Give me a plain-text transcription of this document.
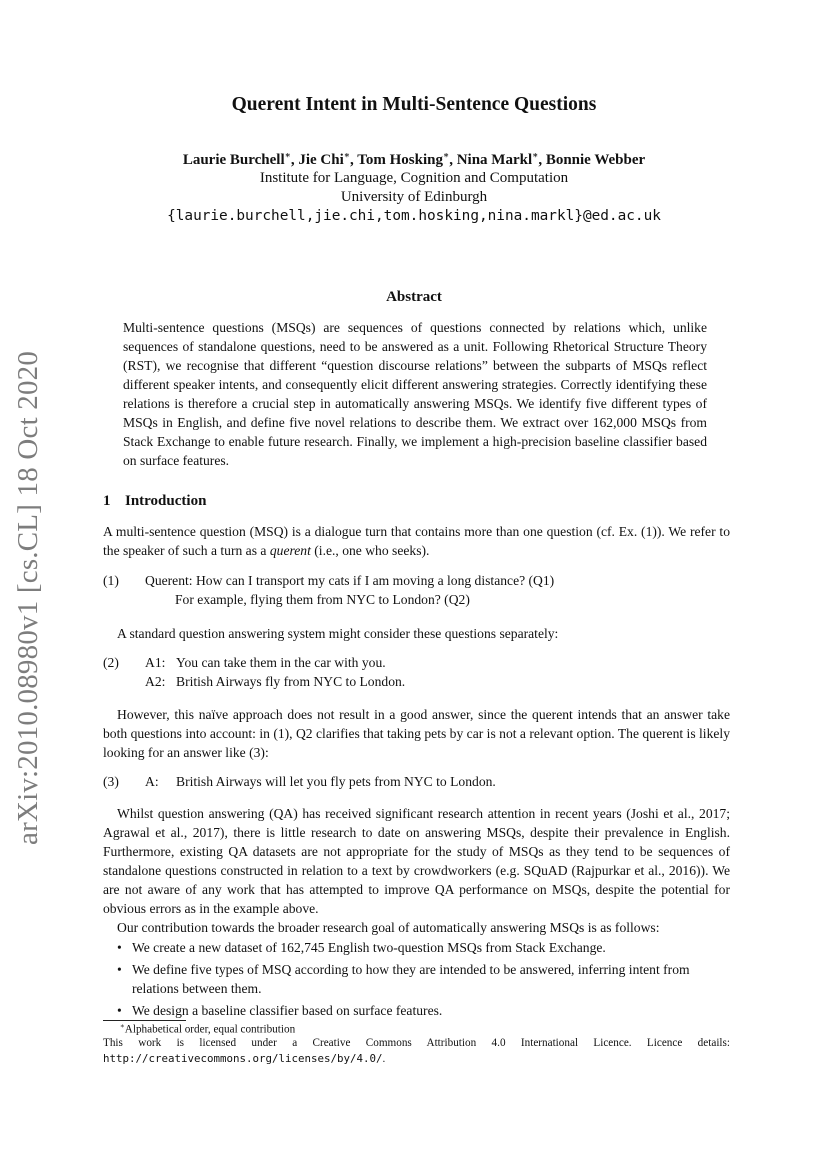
arXiv:2010.08980v1 [cs.CL] 18 Oct 2020
Querent Intent in Multi-Sentence Questions
Laurie Burchell∗, Jie Chi∗, Tom Hosking∗, Nina Markl∗, Bonnie Webber
Institute for Language, Cognition and Computation
University of Edinburgh
{laurie.burchell,jie.chi,tom.hosking,nina.markl}@ed.ac.uk
Abstract

Multi-sentence questions (MSQs) are sequences of questions connected by relations which, unlike sequences of standalone questions, need to be answered as a unit. Following Rhetorical Structure Theory (RST), we recognise that different “question discourse relations” between the subparts of MSQs reflect different speaker intents, and consequently elicit different answering strategies. Correctly identifying these relations is therefore a crucial step in automatically answering MSQs. We identify five different types of MSQs in English, and define five novel relations to describe them. We extract over 162,000 MSQs from Stack Exchange to enable future research. Finally, we implement a high-precision baseline classifier based on surface features.

1 Introduction

A multi-sentence question (MSQ) is a dialogue turn that contains more than one question (cf. Ex. (1)). We refer to the speaker of such a turn as a querent (i.e., one who seeks).

(1) Querent: How can I transport my cats if I am moving a long distance? (Q1)
For example, flying them from NYC to London? (Q2)

A standard question answering system might consider these questions separately:

(2) A1: You can take them in the car with you.
A2: British Airways fly from NYC to London.

However, this naïve approach does not result in a good answer, since the querent intends that an answer take both questions into account: in (1), Q2 clarifies that taking pets by car is not a relevant option. The querent is likely looking for an answer like (3):

(3) A: British Airways will let you fly pets from NYC to London.

Whilst question answering (QA) has received significant research attention in recent years (Joshi et al., 2017; Agrawal et al., 2017), there is little research to date on answering MSQs, despite their prevalence in English. Furthermore, existing QA datasets are not appropriate for the study of MSQs as they tend to be sequences of standalone questions constructed in relation to a text by crowdworkers (e.g. SQuAD (Rajpurkar et al., 2016)). We are not aware of any work that has attempted to improve QA performance on MSQs, despite the potential for obvious errors as in the example above.

Our contribution towards the broader research goal of automatically answering MSQs is as follows:

• We create a new dataset of 162,745 English two-question MSQs from Stack Exchange.
• We define five types of MSQ according to how they are intended to be answered, inferring intent from relations between them.
• We design a baseline classifier based on surface features.
∗Alphabetical order, equal contribution

This work is licensed under a Creative Commons Attribution 4.0 International Licence. Licence details: http://creativecommons.org/licenses/by/4.0/.
